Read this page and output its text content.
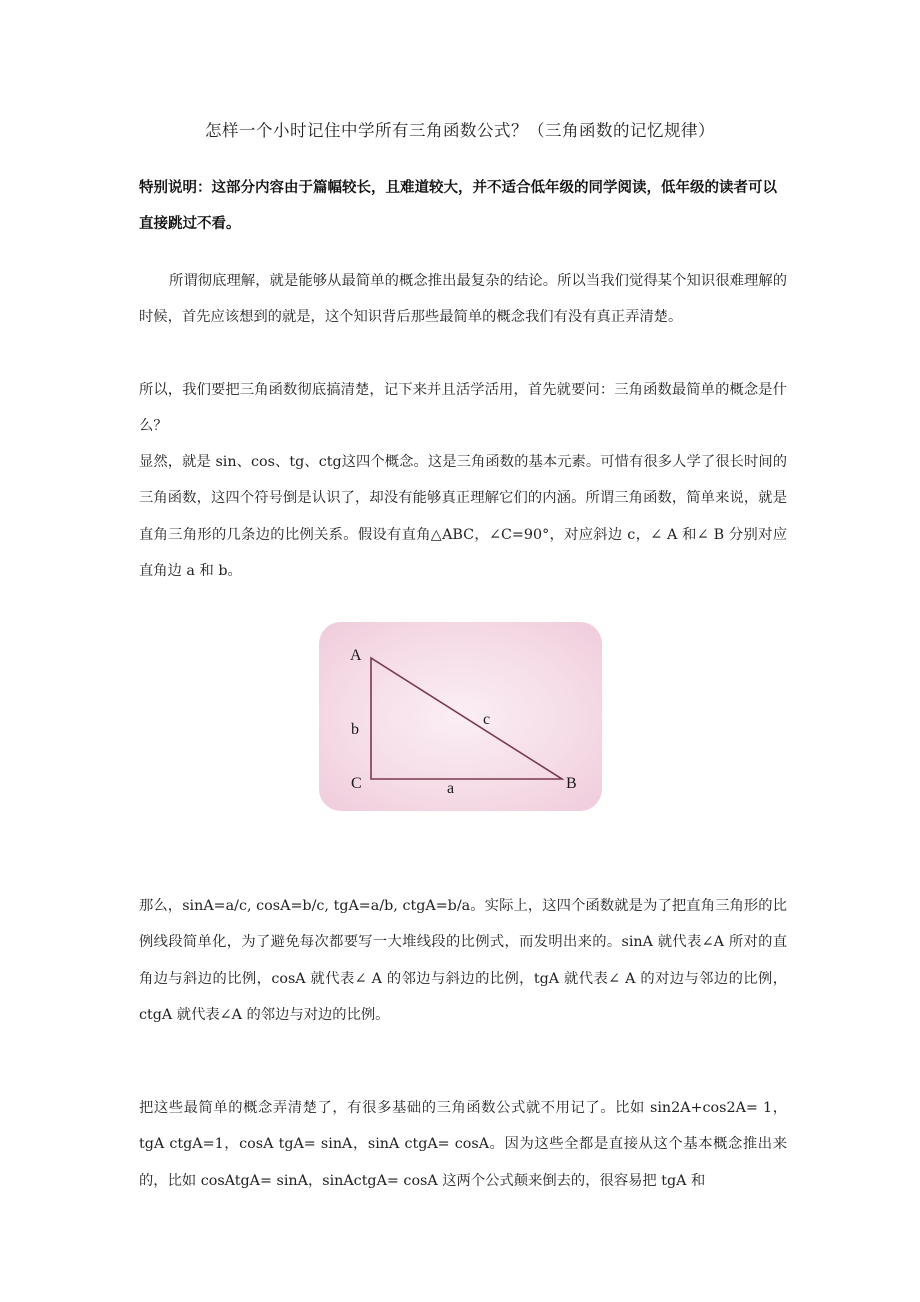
怎样一个小时记住中学所有三角函数公式？（三角函数的记忆规律）
特别说明：这部分内容由于篇幅较长，且难道较大，并不适合低年级的同学阅读，低年级的读者可以直接跳过不看。

所谓彻底理解，就是能够从最简单的概念推出最复杂的结论。所以当我们觉得某个知识很难理解的时候，首先应该想到的就是，这个知识背后那些最简单的概念我们有没有真正弄清楚。

所以，我们要把三角函数彻底搞清楚，记下来并且活学活用，首先就要问：三角函数最简单的概念是什么？

显然，就是 sin、cos、tg、ctg这四个概念。这是三角函数的基本元素。可惜有很多人学了很长时间的三角函数，这四个符号倒是认识了，却没有能够真正理解它们的内涵。所谓三角函数，简单来说，就是直角三角形的几条边的比例关系。假设有直角△ABC，∠C=90°，对应斜边 c，∠ A 和∠ B 分别对应直角边 a 和 b。

A
B
C	a
b
c

那么，sinA=a/c, cosA=b/c, tgA=a/b, ctgA=b/a。实际上，这四个函数就是为了把直角三角形的比例线段简单化，为了避免每次都要写一大堆线段的比例式，而发明出来的。sinA 就代表∠A 所对的直角边与斜边的比例，cosA 就代表∠ A 的邻边与斜边的比例，tgA 就代表∠ A 的对边与邻边的比例，ctgA 就代表∠A 的邻边与对边的比例。

把这些最简单的概念弄清楚了，有很多基础的三角函数公式就不用记了。比如 sin2A+cos2A= 1，tgA ctgA=1，cosA tgA= sinA，sinA ctgA= cosA。因为这些全都是直接从这个基本概念推出来的，比如 cosAtgA= sinA，sinActgA= cosA 这两个公式颠来倒去的，很容易把 tgA 和
